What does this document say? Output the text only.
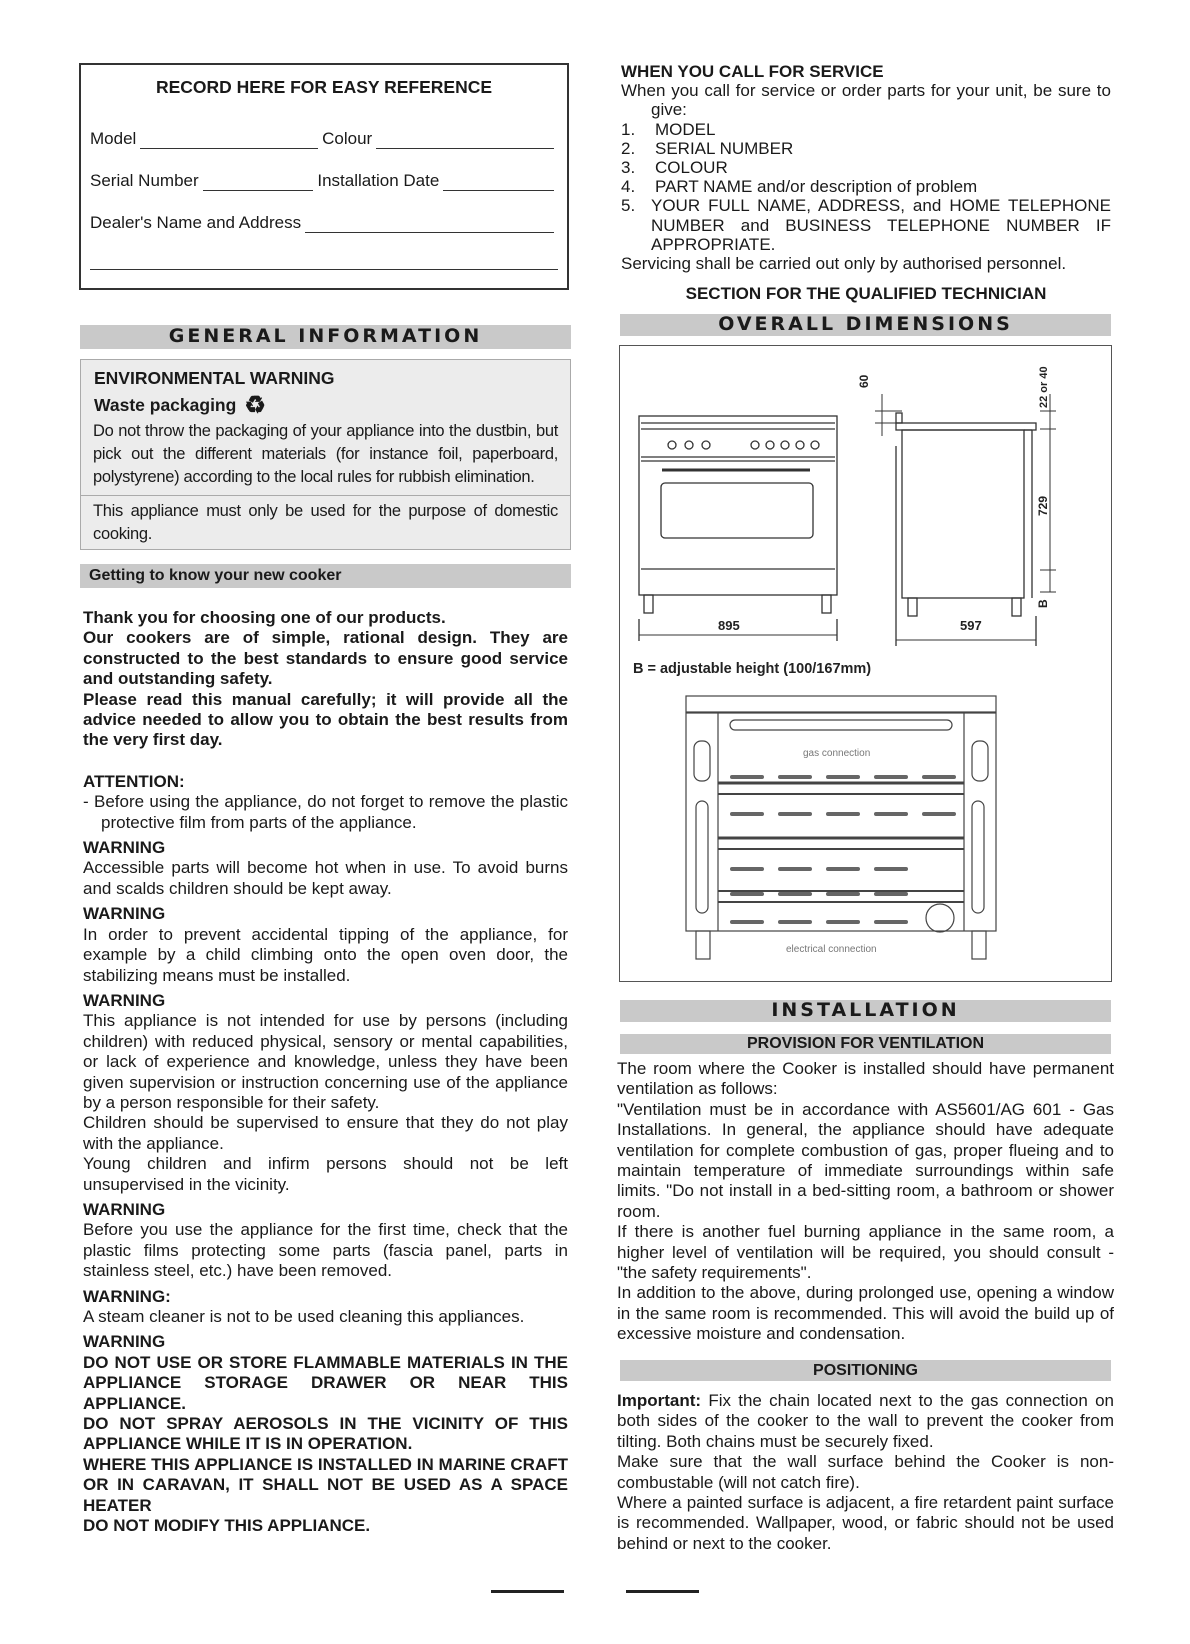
RECORD HERE FOR EASY REFERENCE
Model	Colour
Serial Number	Installation Date
Dealer's Name and Address
GENERAL INFORMATION
ENVIRONMENTAL WARNING
Waste packaging ♻
Do not throw the packaging of your appliance into the dustbin, but pick out the different materials (for instance foil, paperboard, polystyrene) according to the local rules for rubbish elimination.
This appliance must only be used for the purpose of domestic cooking.
Getting to know your new cooker

Thank you for choosing one of our products.

Our cookers are of simple, rational design. They are constructed to the best standards to ensure good service and outstanding safety.

Please read this manual carefully; it will provide all the advice needed to allow you to obtain the best results from the very first day.

ATTENTION:

- Before using the appliance, do not forget to remove the plastic protective film from parts of the appliance.

WARNING

Accessible parts will become hot when in use. To avoid burns and scalds children should be kept away.

WARNING

In order to prevent accidental tipping of the appliance, for example by a child climbing onto the open oven door, the stabilizing means must be installed.

WARNING

This appliance is not intended for use by persons (including children) with reduced physical, sensory or mental capabilities, or lack of experience and knowledge, unless they have been given supervision or instruction concerning use of the appliance by a person responsible for their safety.

Children should be supervised to ensure that they do not play with the appliance.

Young children and infirm persons should not be left unsupervised in the vicinity.

WARNING

Before you use the appliance for the first time, check that the plastic films protecting some parts (fascia panel, parts in stainless steel, etc.) have been removed.

WARNING:

A steam cleaner is not to be used cleaning this appliances.

WARNING

DO NOT USE OR STORE FLAMMABLE MATERIALS IN THE APPLIANCE STORAGE DRAWER OR NEAR THIS APPLIANCE.

DO NOT SPRAY AEROSOLS IN THE VICINITY OF THIS APPLIANCE WHILE IT IS IN OPERATION.

WHERE THIS APPLIANCE IS INSTALLED IN MARINE CRAFT OR IN CARAVAN, IT SHALL NOT BE USED AS A SPACE HEATER

DO NOT MODIFY THIS APPLIANCE.

WHEN YOU CALL FOR SERVICE

When you call for service or order parts for your unit, be sure to give:

1.	MODEL
2.	SERIAL NUMBER
3.	COLOUR
4.	PART NAME and/or description of problem
5. YOUR FULL NAME, ADDRESS, and HOME TELEPHONE NUMBER and BUSINESS TELEPHONE NUMBER IF APPROPRIATE.

Servicing shall be carried out only by authorised personnel.

SECTION FOR THE QUALIFIED TECHNICIAN

OVERALL DIMENSIONS
895	597
60	22 or 40
729
B
B = adjustable height (100/167mm)
gas connection
electrical connection
INSTALLATION
PROVISION FOR VENTILATION

The room where the Cooker is installed should have permanent ventilation as follows:

"Ventilation must be in accordance with AS5601/AG 601 - Gas Installations. In general, the appliance should have adequate ventilation for complete combustion of gas, proper flueing and to maintain temperature of immediate surroundings within safe limits. "Do not install in a bed-sitting room, a bathroom or shower room.

If there is another fuel burning appliance in the same room, a higher level of ventilation will be required, you should consult - "the safety requirements".

In addition to the above, during prolonged use, opening a window in the same room is recommended. This will avoid the build up of excessive moisture and condensation.

POSITIONING

Important: Fix the chain located next to the gas connection on both sides of the cooker to the wall to prevent the cooker from tilting. Both chains must be securely fixed.

Make sure that the wall surface behind the Cooker is non-combustable (will not catch fire).

Where a painted surface is adjacent, a fire retardent paint surface is recommended. Wallpaper, wood, or fabric should not be used behind or next to the cooker.
